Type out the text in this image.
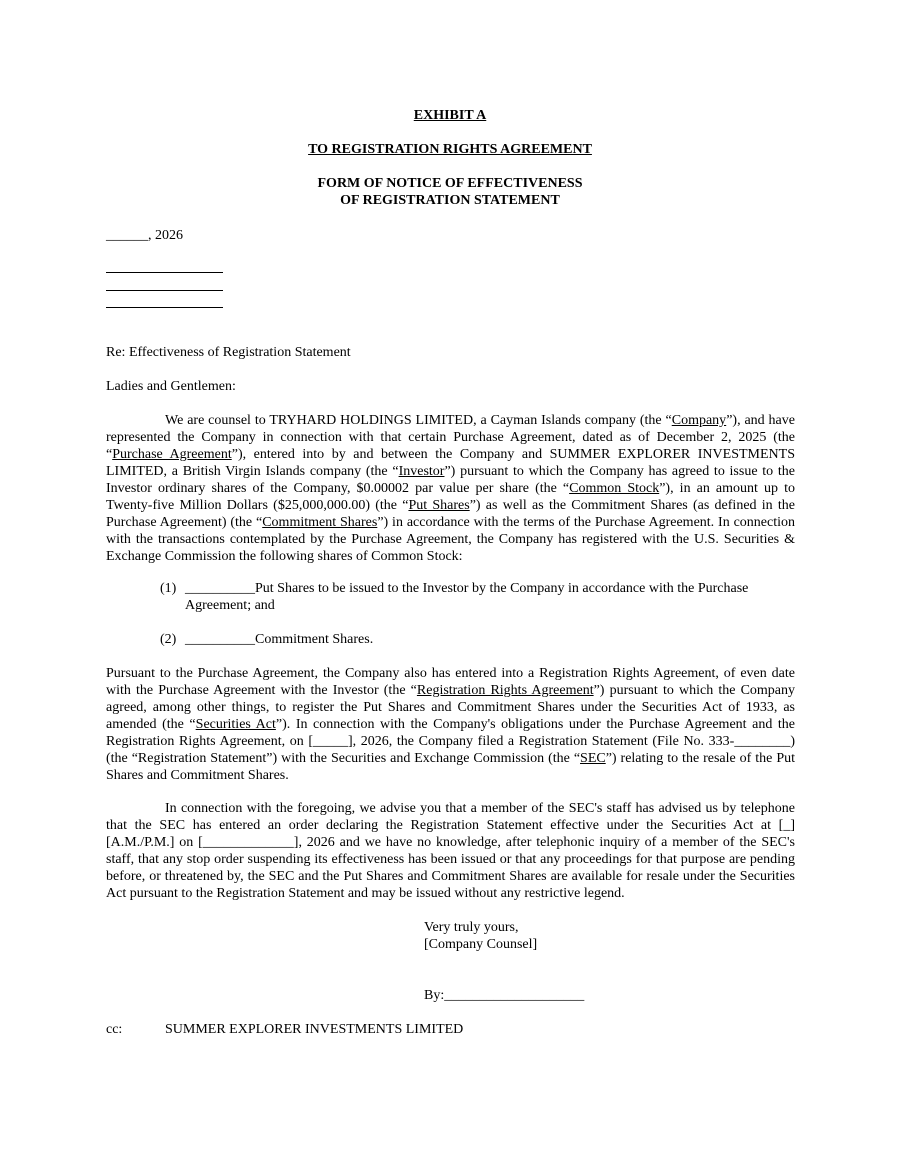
EXHIBIT A
TO REGISTRATION RIGHTS AGREEMENT
FORM OF NOTICE OF EFFECTIVENESS
OF REGISTRATION STATEMENT
______, 2026
Re: Effectiveness of Registration Statement
Ladies and Gentlemen:
We are counsel to TRYHARD HOLDINGS LIMITED, a Cayman Islands company (the “Company”), and have represented the Company in connection with that certain Purchase Agreement, dated as of December 2, 2025 (the “Purchase Agreement”), entered into by and between the Company and SUMMER EXPLORER INVESTMENTS LIMITED, a British Virgin Islands company (the “Investor”) pursuant to which the Company has agreed to issue to the Investor ordinary shares of the Company, $0.00002 par value per share (the “Common Stock”), in an amount up to Twenty-five Million Dollars ($25,000,000.00) (the “Put Shares”) as well as the Commitment Shares (as defined in the Purchase Agreement) (the “Commitment Shares”) in accordance with the terms of the Purchase Agreement. In connection with the transactions contemplated by the Purchase Agreement, the Company has registered with the U.S. Securities & Exchange Commission the following shares of Common Stock:
(1) __________Put Shares to be issued to the Investor by the Company in accordance with the Purchase Agreement; and
(2) __________Commitment Shares.
Pursuant to the Purchase Agreement, the Company also has entered into a Registration Rights Agreement, of even date with the Purchase Agreement with the Investor (the “Registration Rights Agreement”) pursuant to which the Company agreed, among other things, to register the Put Shares and Commitment Shares under the Securities Act of 1933, as amended (the “Securities Act”). In connection with the Company's obligations under the Purchase Agreement and the Registration Rights Agreement, on [_____], 2026, the Company filed a Registration Statement (File No. 333-________) (the “Registration Statement”) with the Securities and Exchange Commission (the “SEC”) relating to the resale of the Put Shares and Commitment Shares.
In connection with the foregoing, we advise you that a member of the SEC's staff has advised us by telephone that the SEC has entered an order declaring the Registration Statement effective under the Securities Act at [_] [A.M./P.M.] on [_____________], 2026 and we have no knowledge, after telephonic inquiry of a member of the SEC's staff, that any stop order suspending its effectiveness has been issued or that any proceedings for that purpose are pending before, or threatened by, the SEC and the Put Shares and Commitment Shares are available for resale under the Securities Act pursuant to the Registration Statement and may be issued without any restrictive legend.
Very truly yours,
[Company Counsel]
By:____________________
cc:	SUMMER EXPLORER INVESTMENTS LIMITED
